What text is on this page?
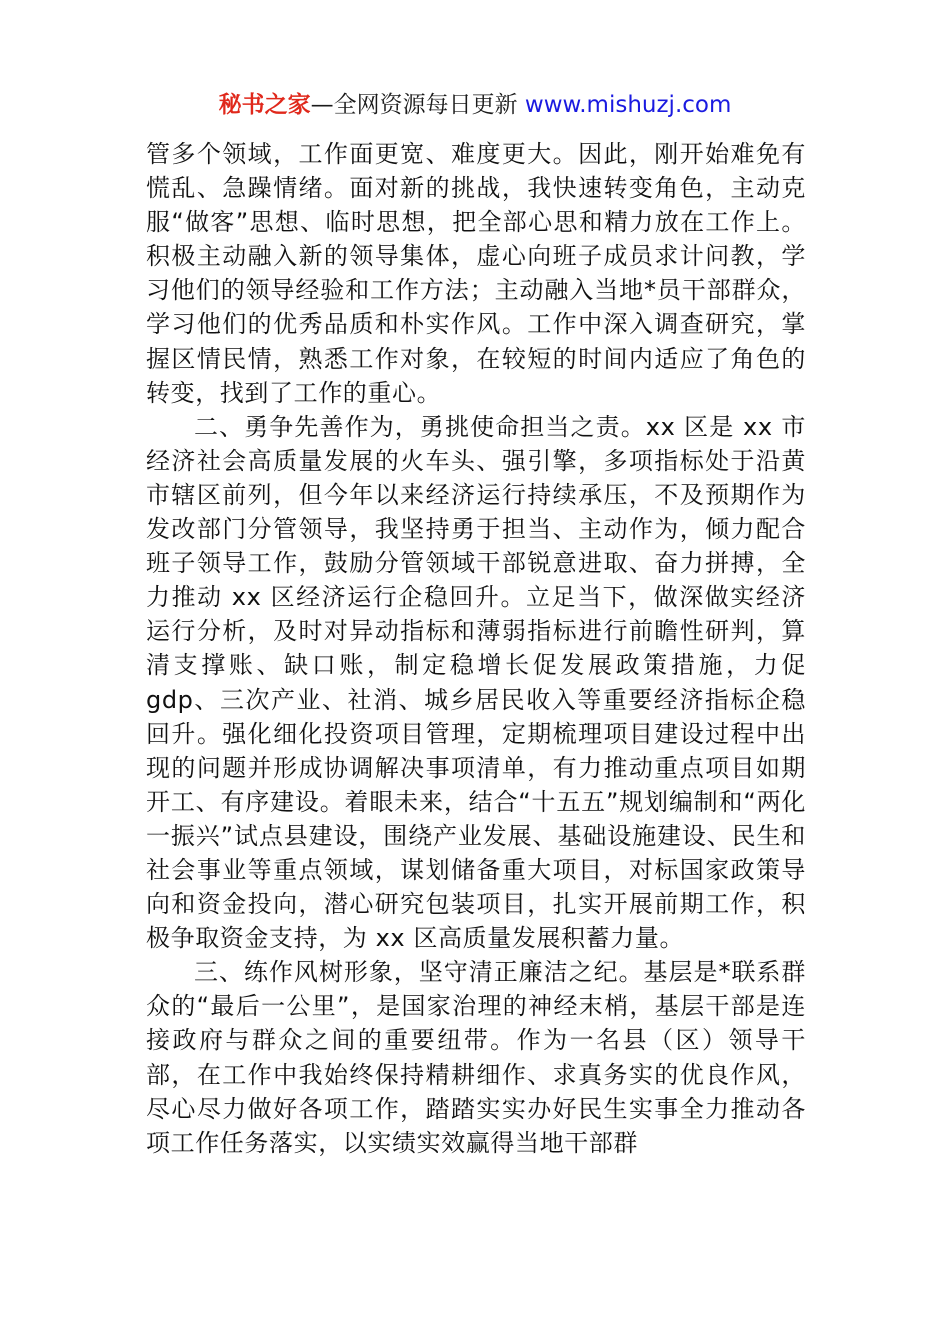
秘书之家—全网资源每日更新 www.mishuzj.com

管多个领域，工作面更宽、难度更大。因此，刚开始难免有慌乱、急躁情绪。面对新的挑战，我快速转变角色，主动克服“做客”思想、临时思想，把全部心思和精力放在工作上。积极主动融入新的领导集体，虚心向班子成员求计问教，学习他们的领导经验和工作方法；主动融入当地*员干部群众，学习他们的优秀品质和朴实作风。工作中深入调查研究，掌握区情民情，熟悉工作对象，在较短的时间内适应了角色的转变，找到了工作的重心。

二、勇争先善作为，勇挑使命担当之责。xx 区是 xx 市经济社会高质量发展的火车头、强引擎，多项指标处于沿黄市辖区前列，但今年以来经济运行持续承压，不及预期作为发改部门分管领导，我坚持勇于担当、主动作为，倾力配合班子领导工作，鼓励分管领域干部锐意进取、奋力拼搏，全力推动 xx 区经济运行企稳回升。立足当下，做深做实经济运行分析，及时对异动指标和薄弱指标进行前瞻性研判，算清支撑账、缺口账，制定稳增长促发展政策措施，力促 gdp、三次产业、社消、城乡居民收入等重要经济指标企稳回升。强化细化投资项目管理，定期梳理项目建设过程中出现的问题并形成协调解决事项清单，有力推动重点项目如期开工、有序建设。着眼未来，结合“十五五”规划编制和“两化一振兴”试点县建设，围绕产业发展、基础设施建设、民生和社会事业等重点领域，谋划储备重大项目，对标国家政策导向和资金投向，潜心研究包装项目，扎实开展前期工作，积极争取资金支持，为 xx 区高质量发展积蓄力量。

三、练作风树形象，坚守清正廉洁之纪。基层是*联系群众的“最后一公里”，是国家治理的神经末梢，基层干部是连接政府与群众之间的重要纽带。作为一名县（区）领导干部，在工作中我始终保持精耕细作、求真务实的优良作风，尽心尽力做好各项工作，踏踏实实办好民生实事全力推动各项工作任务落实，以实绩实效赢得当地干部群
